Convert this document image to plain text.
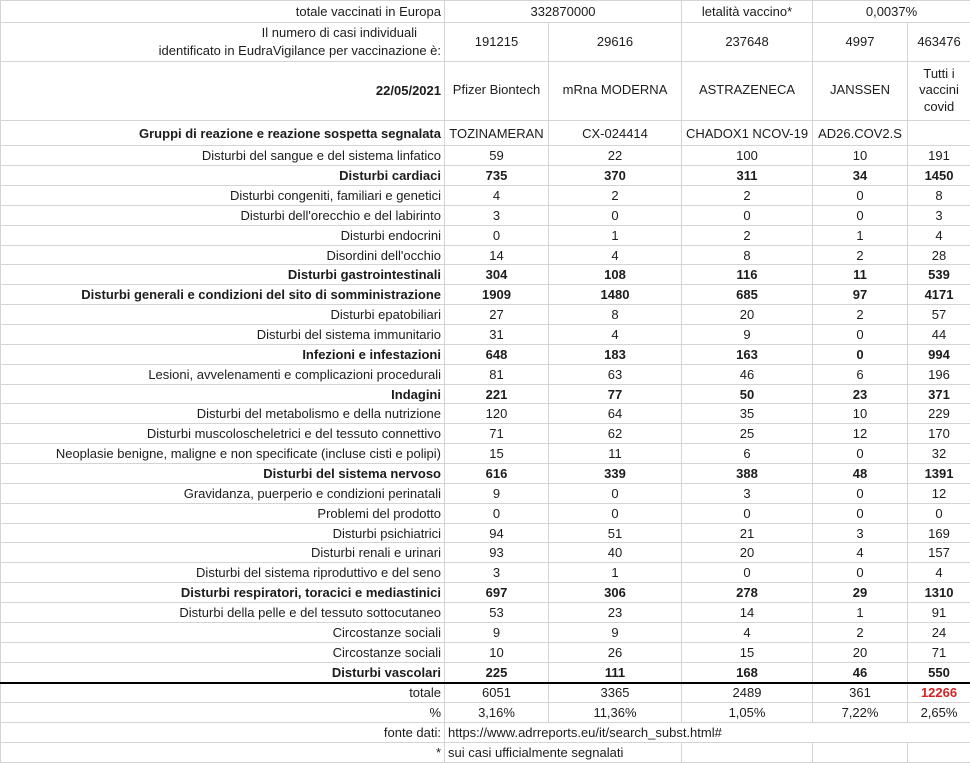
totale vaccinati in Europa	332870000		letalità vaccino*	0,0037%	

Il numero di casi individuali
identificato in EudraVigilance per vaccinazione è:	191215	29616	237648	4997	463476
22/05/2021	Pfizer Biontech	mRna MODERNA	ASTRAZENECA	JANSSEN	Tutti i vaccini covid
Gruppi di reazione e reazione sospetta segnalata	TOZINAMERAN	CX-024414	CHADOX1 NCOV-19	AD26.COV2.S	
Disturbi del sangue e del sistema linfatico	59	22	100	10	191
Disturbi cardiaci	735	370	311	34	1450
Disturbi congeniti, familiari e genetici	4	2	2	0	8
Disturbi dell'orecchio e del labirinto	3	0	0	0	3
Disturbi endocrini	0	1	2	1	4
Disordini dell'occhio	14	4	8	2	28
Disturbi gastrointestinali	304	108	116	11	539
Disturbi generali e condizioni del sito di somministrazione	1909	1480	685	97	4171
Disturbi epatobiliari	27	8	20	2	57
Disturbi del sistema immunitario	31	4	9	0	44
Infezioni e infestazioni	648	183	163	0	994
Lesioni, avvelenamenti e complicazioni procedurali	81	63	46	6	196
Indagini	221	77	50	23	371
Disturbi del metabolismo e della nutrizione	120	64	35	10	229
Disturbi muscoloscheletrici e del tessuto connettivo	71	62	25	12	170
Neoplasie benigne, maligne e non specificate (incluse cisti e polipi)	15	11	6	0	32
Disturbi del sistema nervoso	616	339	388	48	1391
Gravidanza, puerperio e condizioni perinatali	9	0	3	0	12
Problemi del prodotto	0	0	0	0	0
Disturbi psichiatrici	94	51	21	3	169
Disturbi renali e urinari	93	40	20	4	157
Disturbi del sistema riproduttivo e del seno	3	1	0	0	4
Disturbi respiratori, toracici e mediastinici	697	306	278	29	1310
Disturbi della pelle e del tessuto sottocutaneo	53	23	14	1	91
Circostanze sociali	9	9	4	2	24
Circostanze sociali	10	26	15	20	71
Disturbi vascolari	225	111	168	46	550
totale	6051	3365	2489	361	12266
%	3,16%	11,36%	1,05%	7,22%	2,65%
fonte dati:	https://www.adrreports.eu/it/search_subst.html#				
*	sui casi ufficialmente segnalati				
